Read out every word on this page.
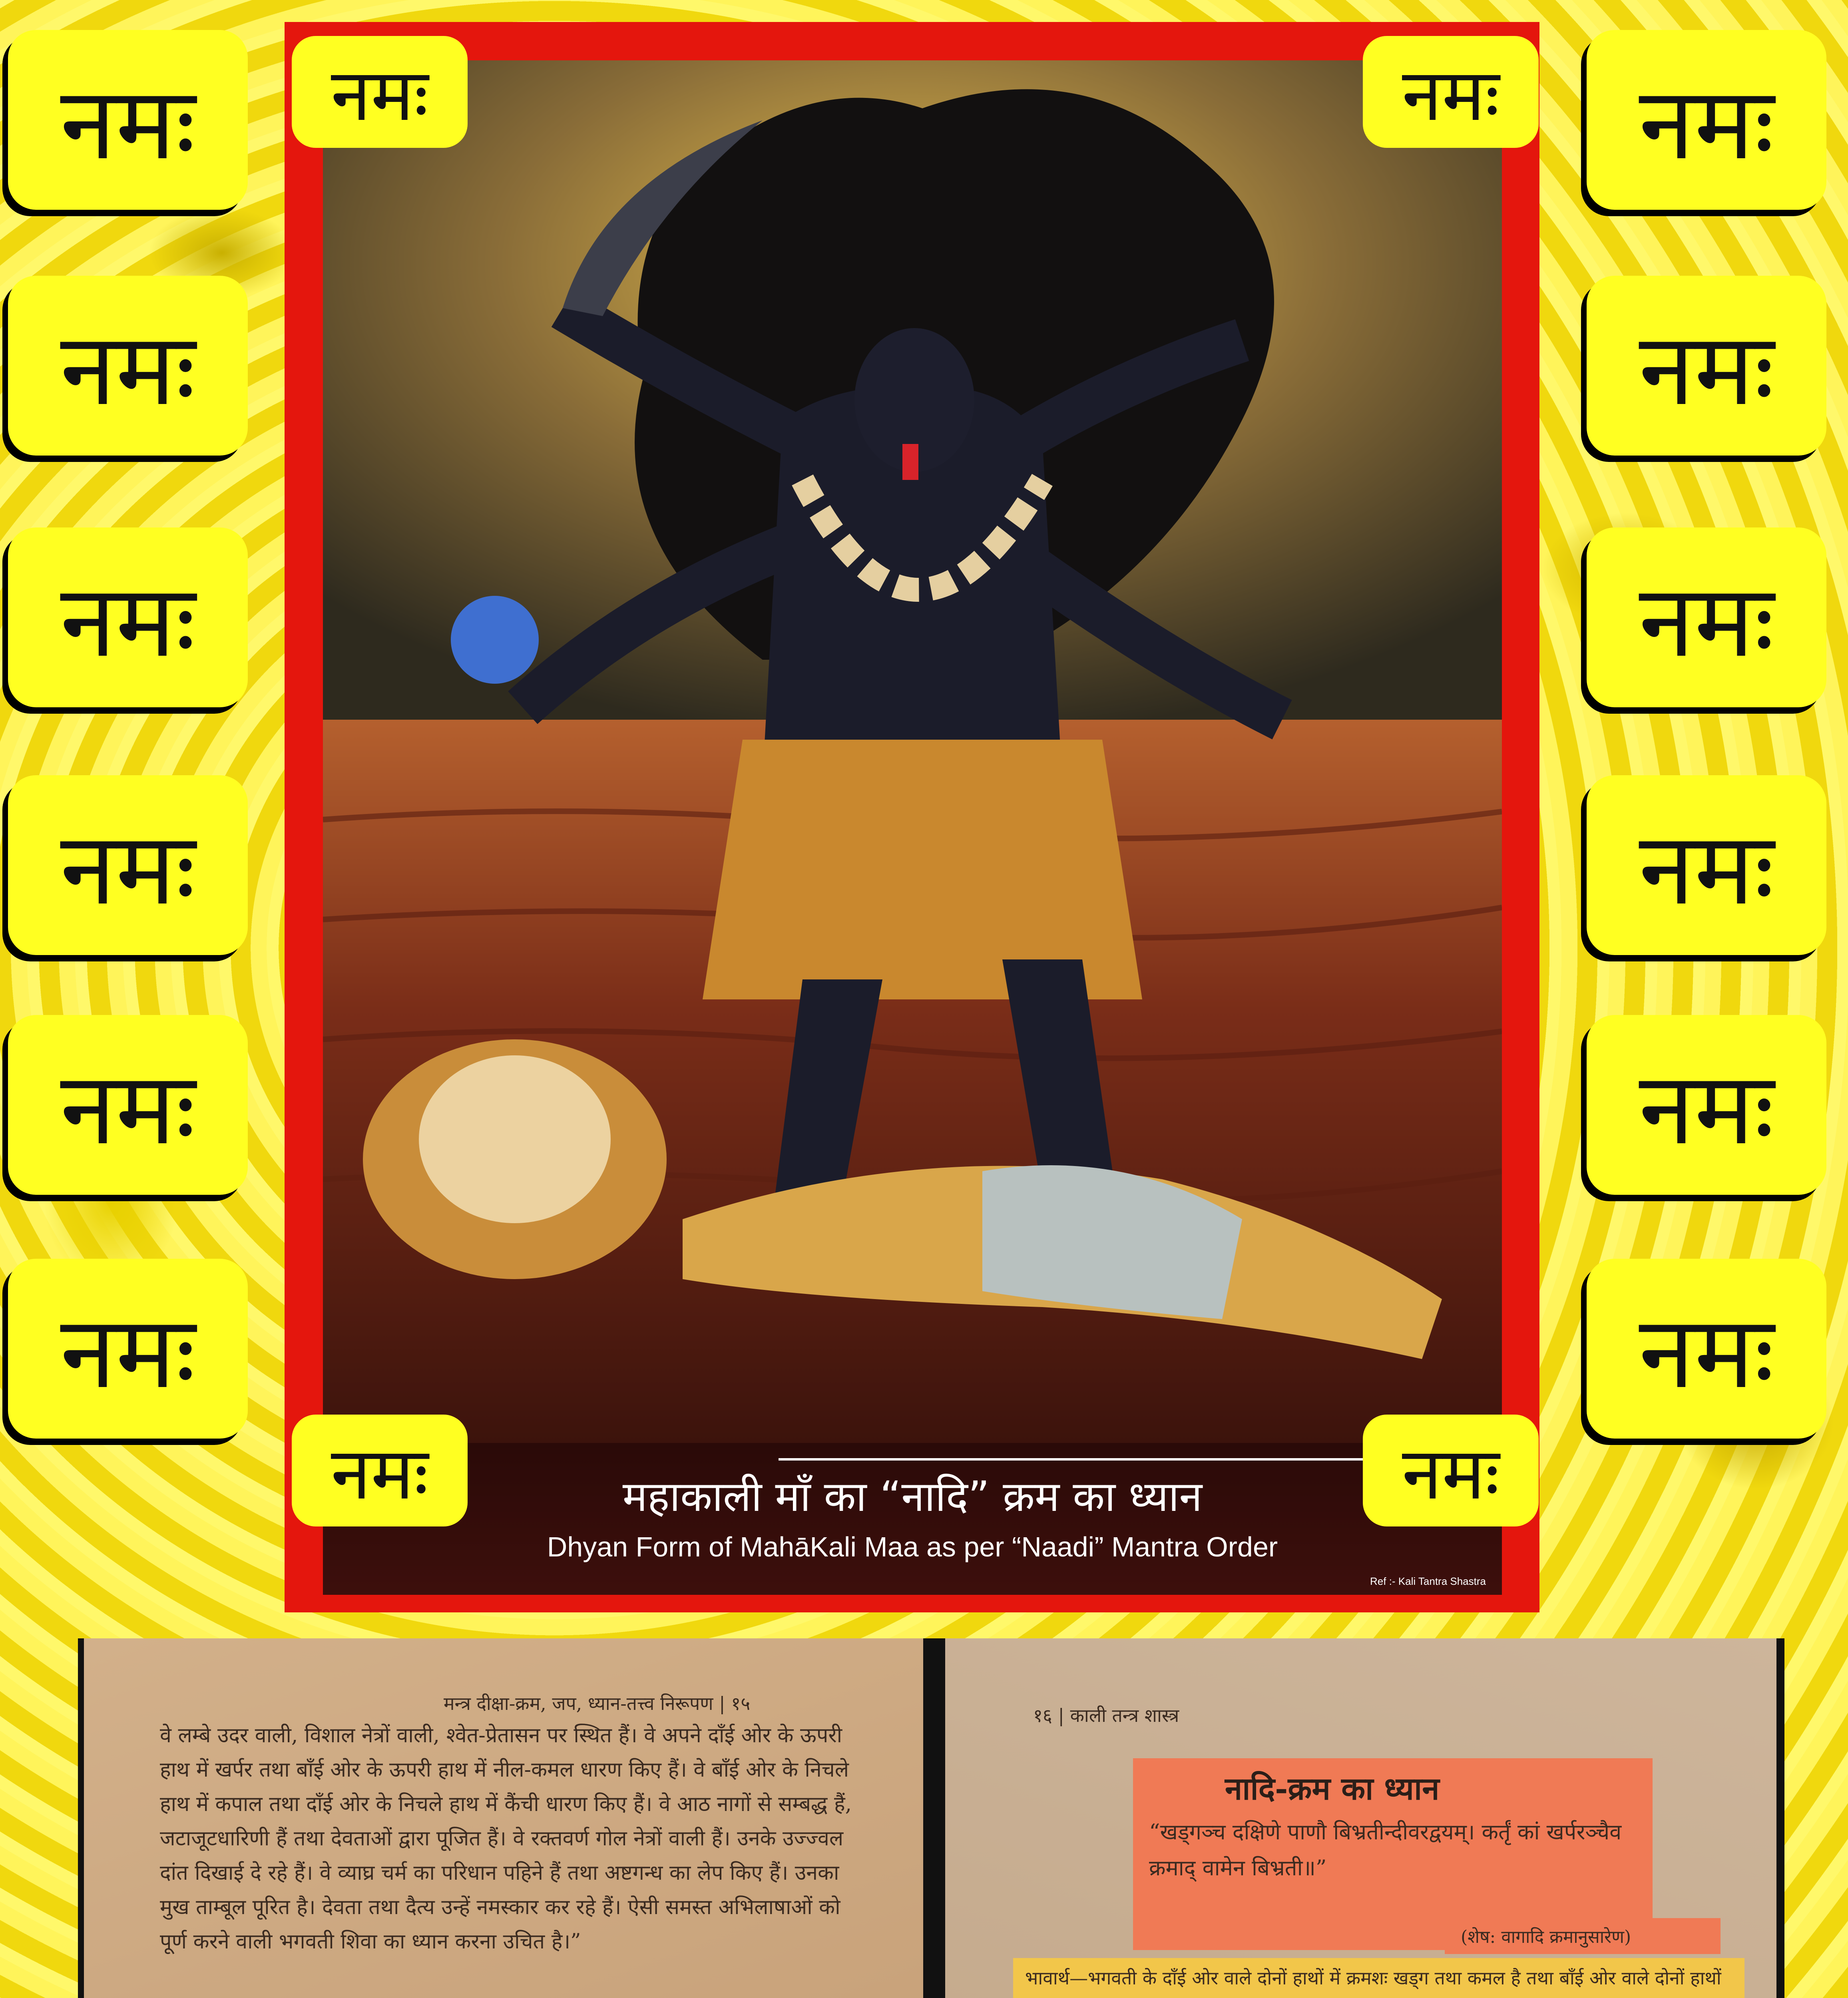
नमः
नमः
नमः
नमः
नमः
नमः
नमः
नमः
नमः
नमः
नमः
नमः
महाकाली माँ का “नादि” क्रम का ध्यान
Dhyan Form of MahāKali Maa as per “Naadi” Mantra Order
Ref :- Kali Tantra Shastra
नमः	नमः
नमः	नमः
मन्त्र दीक्षा-क्रम, जप, ध्यान-तत्त्व निरूपण | १५
वे लम्बे उदर वाली, विशाल नेत्रों वाली, श्वेत-प्रेतासन पर स्थित हैं। वे अपने दाँई ओर के ऊपरी हाथ में खर्पर तथा बाँई ओर के ऊपरी हाथ में नील-कमल धारण किए हैं। वे बाँई ओर के निचले हाथ में कपाल तथा दाँई ओर के निचले हाथ में कैंची धारण किए हैं। वे आठ नागों से सम्बद्ध हैं, जटाजूटधारिणी हैं तथा देवताओं द्वारा पूजित हैं। वे रक्तवर्ण गोल नेत्रों वाली हैं। उनके उज्ज्वल दांत दिखाई दे रहे हैं। वे व्याघ्र चर्म का परिधान पहिने हैं तथा अष्टगन्ध का लेप किए हैं। उनका मुख ताम्बूल पूरित है। देवता तथा दैत्य उन्हें नमस्कार कर रहे हैं। ऐसी समस्त अभिलाषाओं को पूर्ण करने वाली भगवती शिवा का ध्यान करना उचित है।”
१६ | काली तन्त्र शास्त्र
नादि-क्रम का ध्यान
“खड्गञ्च दक्षिणे पाणौ बिभ्रतीन्दीवरद्वयम्। कर्तृं कां खर्परञ्चैव क्रमाद् वामेन बिभ्रती॥”
(शेष: वागादि क्रमानुसारेण)
भावार्थ—भगवती के दाँई ओर वाले दोनों हाथों में क्रमशः खड्ग तथा कमल है तथा बाँई ओर वाले दोनों हाथों
